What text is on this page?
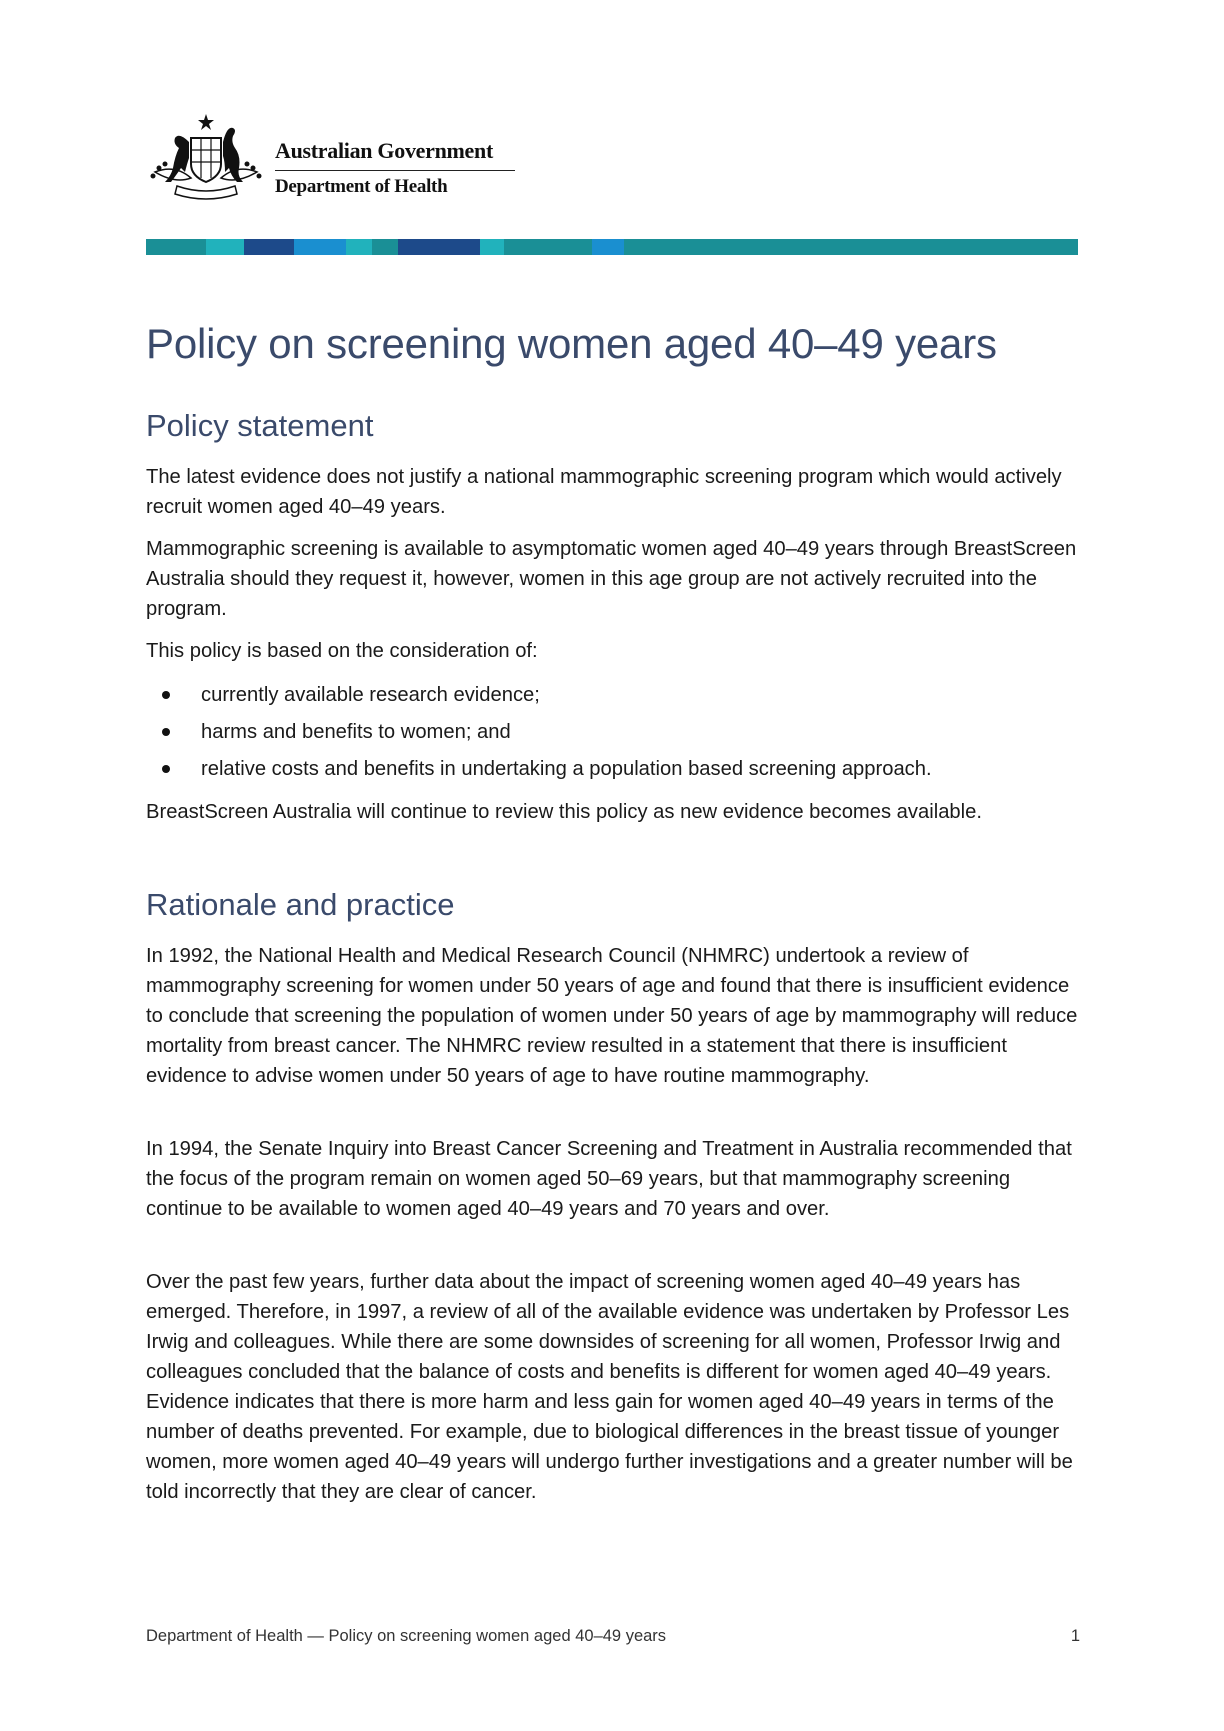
Australian Government
Department of Health
Policy on screening women aged 40–49 years
Policy statement

The latest evidence does not justify a national mammographic screening program which would actively recruit women aged 40–49 years.

Mammographic screening is available to asymptomatic women aged 40–49 years through BreastScreen Australia should they request it, however, women in this age group are not actively recruited into the program.

This policy is based on the consideration of:

currently available research evidence;
harms and benefits to women; and
relative costs and benefits in undertaking a population based screening approach.

BreastScreen Australia will continue to review this policy as new evidence becomes available.

Rationale and practice

In 1992, the National Health and Medical Research Council (NHMRC) undertook a review of mammography screening for women under 50 years of age and found that there is insufficient evidence to conclude that screening the population of women under 50 years of age by mammography will reduce mortality from breast cancer. The NHMRC review resulted in a statement that there is insufficient evidence to advise women under 50 years of age to have routine mammography.

In 1994, the Senate Inquiry into Breast Cancer Screening and Treatment in Australia recommended that the focus of the program remain on women aged 50–69 years, but that mammography screening continue to be available to women aged 40–49 years and 70 years and over.

Over the past few years, further data about the impact of screening women aged 40–49 years has emerged. Therefore, in 1997, a review of all of the available evidence was undertaken by Professor Les Irwig and colleagues. While there are some downsides of screening for all women, Professor Irwig and colleagues concluded that the balance of costs and benefits is different for women aged 40–49 years. Evidence indicates that there is more harm and less gain for women aged 40–49 years in terms of the number of deaths prevented. For example, due to biological differences in the breast tissue of younger women, more women aged 40–49 years will undergo further investigations and a greater number will be told incorrectly that they are clear of cancer.

Department of Health — Policy on screening women aged 40–49 years	1
